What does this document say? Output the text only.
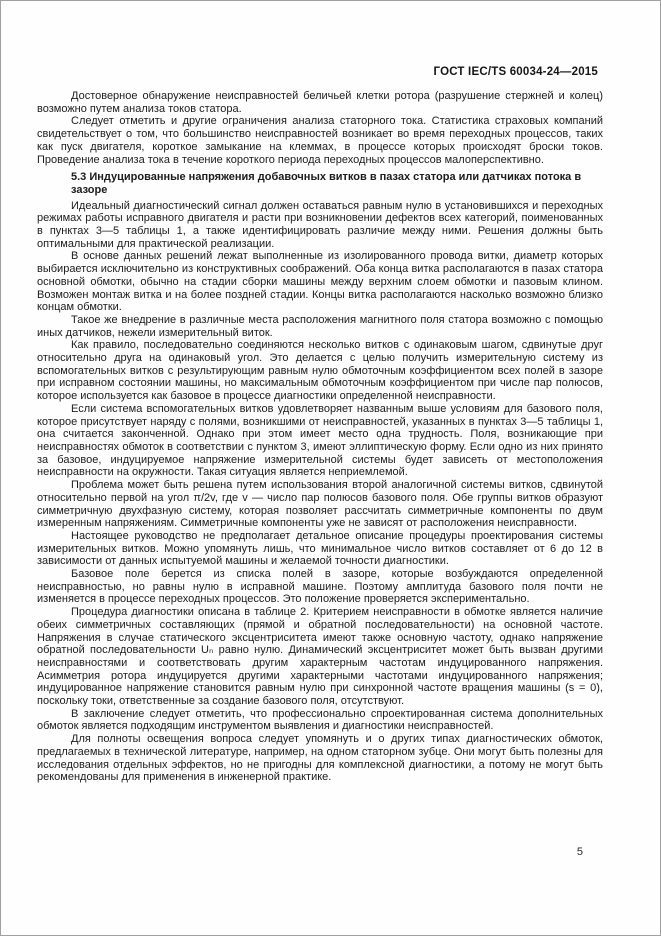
ГОСТ IEC/TS 60034-24—2015

Достоверное обнаружение неисправностей беличьей клетки ротора (разрушение стержней и колец) возможно путем анализа токов статора.

Следует отметить и другие ограничения анализа статорного тока. Статистика страховых компаний свидетельствует о том, что большинство неисправностей возникает во время переходных процессов, таких как пуск двигателя, короткое замыкание на клеммах, в процессе которых происходят броски токов. Проведение анализа тока в течение короткого периода переходных процессов малоперспективно.

5.3 Индуцированные напряжения добавочных витков в пазах статора или датчиках потока в зазоре

Идеальный диагностический сигнал должен оставаться равным нулю в установившихся и переходных режимах работы исправного двигателя и расти при возникновении дефектов всех категорий, поименованных в пунктах 3—5 таблицы 1, а также идентифицировать различие между ними. Решения должны быть оптимальными для практической реализации.

В основе данных решений лежат выполненные из изолированного провода витки, диаметр которых выбирается исключительно из конструктивных соображений. Оба конца витка располагаются в пазах статора основной обмотки, обычно на стадии сборки машины между верхним слоем обмотки и пазовым клином. Возможен монтаж витка и на более поздней стадии. Концы витка располагаются насколько возможно близко концам обмотки.

Такое же внедрение в различные места расположения магнитного поля статора возможно с помощью иных датчиков, нежели измерительный виток.

Как правило, последовательно соединяются несколько витков с одинаковым шагом, сдвинутые друг относительно друга на одинаковый угол. Это делается с целью получить измерительную систему из вспомогательных витков с результирующим равным нулю обмоточным коэффициентом всех полей в зазоре при исправном состоянии машины, но максимальным обмоточным коэффициентом при числе пар полюсов, которое используется как базовое в процессе диагностики определенной неисправности.

Если система вспомогательных витков удовлетворяет названным выше условиям для базового поля, которое присутствует наряду с полями, возникшими от неисправностей, указанных в пунктах 3—5 таблицы 1, она считается законченной. Однако при этом имеет место одна трудность. Поля, возникающие при неисправностях обмоток в соответствии с пунктом 3, имеют эллиптическую форму. Если одно из них принято за базовое, индуцируемое напряжение измерительной системы будет зависеть от местоположения неисправности на окружности. Такая ситуация является неприемлемой.

Проблема может быть решена путем использования второй аналогичной системы витков, сдвинутой относительно первой на угол π/2v, где v — число пар полюсов базового поля. Обе группы витков образуют симметричную двухфазную систему, которая позволяет рассчитать симметричные компоненты по двум измеренным напряжениям. Симметричные компоненты уже не зависят от расположения неисправности.

Настоящее руководство не предполагает детальное описание процедуры проектирования системы измерительных витков. Можно упомянуть лишь, что минимальное число витков составляет от 6 до 12 в зависимости от данных испытуемой машины и желаемой точности диагностики.

Базовое поле берется из списка полей в зазоре, которые возбуждаются определенной неисправностью, но равны нулю в исправной машине. Поэтому амплитуда базового поля почти не изменяется в процессе переходных процессов. Это положение проверяется экспериментально.

Процедура диагностики описана в таблице 2. Критерием неисправности в обмотке является наличие обеих симметричных составляющих (прямой и обратной последовательности) на основной частоте. Напряжения в случае статического эксцентриситета имеют также основную частоту, однако напряжение обратной последовательности Uₙ равно нулю. Динамический эксцентриситет может быть вызван другими неисправностями и соответствовать другим характерным частотам индуцированного напряжения. Асимметрия ротора индуцируется другими характерными частотами индуцированного напряжения; индуцированное напряжение становится равным нулю при синхронной частоте вращения машины (s = 0), поскольку токи, ответственные за создание базового поля, отсутствуют.

В заключение следует отметить, что профессионально спроектированная система дополнительных обмоток является подходящим инструментом выявления и диагностики неисправностей.

Для полноты освещения вопроса следует упомянуть и о других типах диагностических обмоток, предлагаемых в технической литературе, например, на одном статорном зубце. Они могут быть полезны для исследования отдельных эффектов, но не пригодны для комплексной диагностики, а потому не могут быть рекомендованы для применения в инженерной практике.

5
